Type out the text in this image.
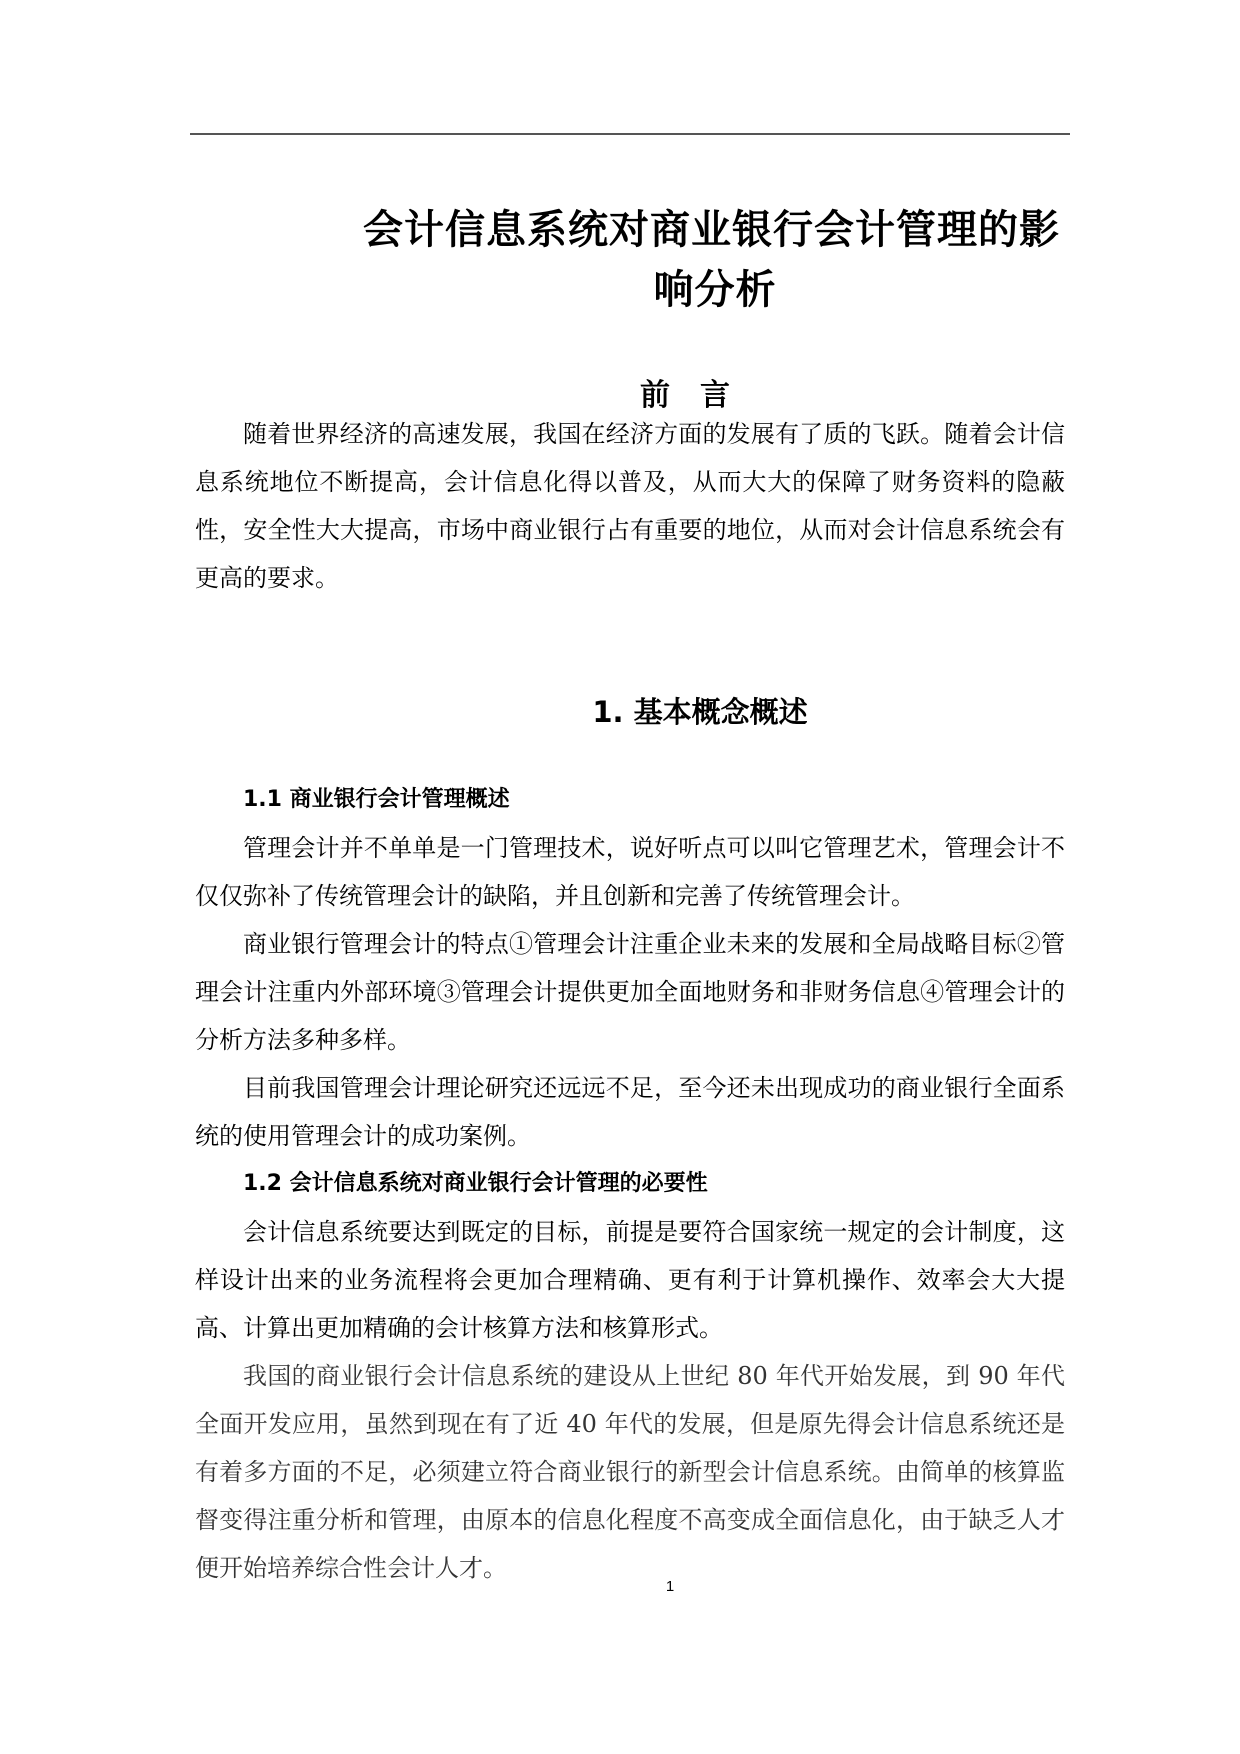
会计信息系统对商业银行会计管理的影
响分析
前言

随着世界经济的高速发展，我国在经济方面的发展有了质的飞跃。随着会计信息系统地位不断提高，会计信息化得以普及，从而大大的保障了财务资料的隐蔽性，安全性大大提高，市场中商业银行占有重要的地位，从而对会计信息系统会有更高的要求。

1. 基本概念概述

1.1 商业银行会计管理概述

管理会计并不单单是一门管理技术，说好听点可以叫它管理艺术，管理会计不仅仅弥补了传统管理会计的缺陷，并且创新和完善了传统管理会计。

商业银行管理会计的特点①管理会计注重企业未来的发展和全局战略目标②管理会计注重内外部环境③管理会计提供更加全面地财务和非财务信息④管理会计的分析方法多种多样。

目前我国管理会计理论研究还远远不足，至今还未出现成功的商业银行全面系统的使用管理会计的成功案例。

1.2 会计信息系统对商业银行会计管理的必要性

会计信息系统要达到既定的目标，前提是要符合国家统一规定的会计制度，这样设计出来的业务流程将会更加合理精确、更有利于计算机操作、效率会大大提高、计算出更加精确的会计核算方法和核算形式。

我国的商业银行会计信息系统的建设从上世纪 80 年代开始发展，到 90 年代全面开发应用，虽然到现在有了近 40 年代的发展，但是原先得会计信息系统还是有着多方面的不足，必须建立符合商业银行的新型会计信息系统。由简单的核算监督变得注重分析和管理，由原本的信息化程度不高变成全面信息化，由于缺乏人才便开始培养综合性会计人才。

1
